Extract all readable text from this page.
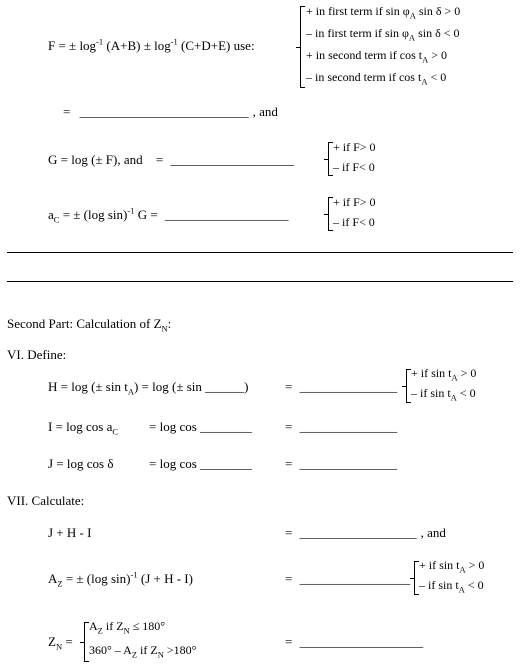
F = ± $\log^{-1} (A+B) \pm \log^{-1} (C+D+E)$ use:
+ in first term if $\sin \varphi_A$ sin δ > 0
– in first term if $\sin \varphi_A$ sin δ < 0
+ in second term if $\cos t_A > 0$
– in second term if $\cos t_A < 0$
= __________________________ , and
G = log (± F), and = ___________________
+ if F> 0
– if F< 0
$a_C$ = ± (log sin)$^{-1}$ G = ___________________
+ if F> 0
– if F< 0
Second Part: Calculation of $Z_N$:
VI. Define:
H = log (± $\sin t_A) = \log$ (± sin ______)	= _______________
+ if $\sin t_A > 0$
– if $\sin t_A < 0$
$I = \log \cos a_C = \log \cos$ ________	= _______________
J = log cos δ	= log cos ________	= _______________
VII. Calculate:
J + H - I	= __________________ , and
$A_Z$ = ± (log sin)$^{-1}$ (J + H - I)	= _________________
+ if $\sin t_A > 0$
– if $\sin t_A < 0$
$Z_N$ =
$A_Z$ if $Z_N \le 180^\circ$
$360^\circ - A_Z$ if $Z_N >180^\circ$
= ___________________
